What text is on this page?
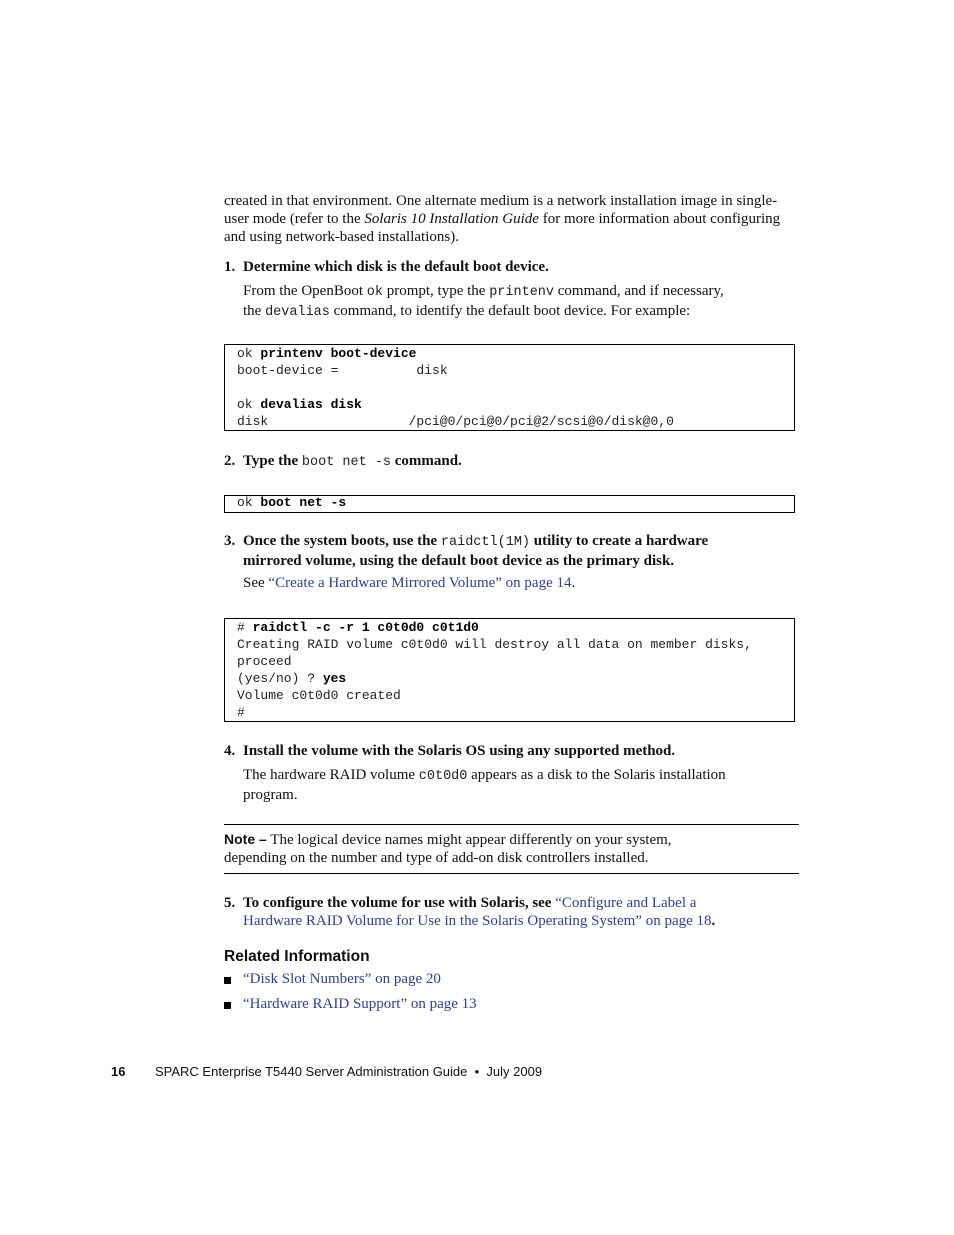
created in that environment. One alternate medium is a network installation image in single-user mode (refer to the Solaris 10 Installation Guide for more information about configuring and using network-based installations).
1. Determine which disk is the default boot device.
From the OpenBoot ok prompt, type the printenv command, and if necessary,
the devalias command, to identify the default boot device. For example:
ok printenv boot-device
boot-device =          disk
ok devalias disk
disk                  /pci@0/pci@0/pci@2/scsi@0/disk@0,0
2. Type the boot net -s command.
ok boot net -s
3. Once the system boots, use the raidctl(1M) utility to create a hardware
mirrored volume, using the default boot device as the primary disk.
See “Create a Hardware Mirrored Volume” on page 14.
# raidctl -c -r 1 c0t0d0 c0t1d0
Creating RAID volume c0t0d0 will destroy all data on member disks,
proceed
(yes/no) ? yes
Volume c0t0d0 created
#
4. Install the volume with the Solaris OS using any supported method.
The hardware RAID volume c0t0d0 appears as a disk to the Solaris installation
program.
Note – The logical device names might appear differently on your system,
depending on the number and type of add-on disk controllers installed.
5. To configure the volume for use with Solaris, see “Configure and Label a
Hardware RAID Volume for Use in the Solaris Operating System” on page 18.
Related Information
“Disk Slot Numbers” on page 20
“Hardware RAID Support” on page 13
16 SPARC Enterprise T5440 Server Administration Guide • July 2009
